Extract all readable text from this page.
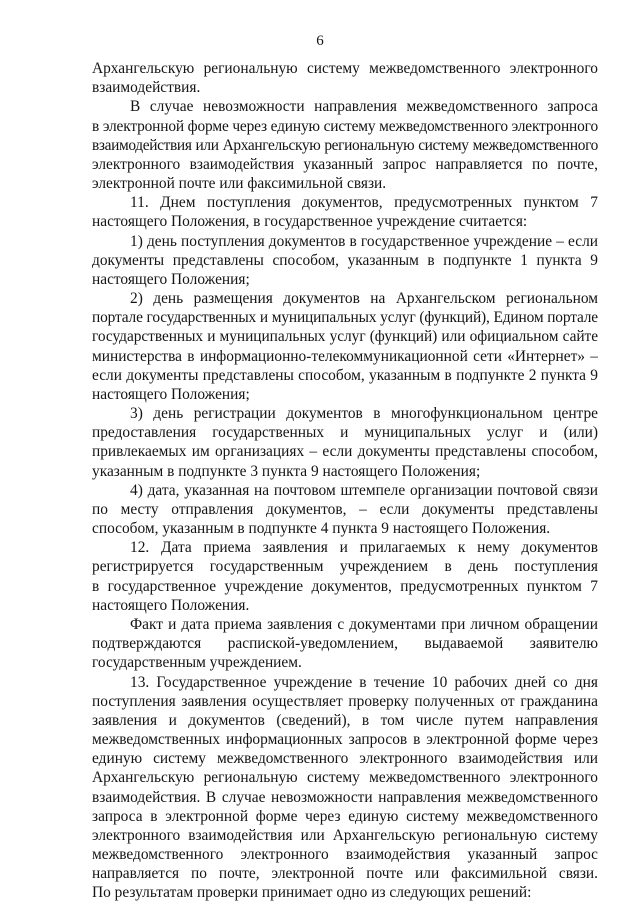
6
Архангельскую региональную систему межведомственного электронного
взаимодействия.
В случае невозможности направления межведомственного запроса
в электронной форме через единую систему межведомственного электронного
взаимодействия или Архангельскую региональную систему межведомственного
электронного взаимодействия указанный запрос направляется по почте,
электронной почте или факсимильной связи.
11. Днем поступления документов, предусмотренных пунктом 7
настоящего Положения, в государственное учреждение считается:
1) день поступления документов в государственное учреждение – если
документы представлены способом, указанным в подпункте 1 пункта 9
настоящего Положения;
2) день размещения документов на Архангельском региональном
портале государственных и муниципальных услуг (функций), Едином портале
государственных и муниципальных услуг (функций) или официальном сайте
министерства в информационно-телекоммуникационной сети «Интернет» –
если документы представлены способом, указанным в подпункте 2 пункта 9
настоящего Положения;
3) день регистрации документов в многофункциональном центре
предоставления государственных и муниципальных услуг и (или)
привлекаемых им организациях – если документы представлены способом,
указанным в подпункте 3 пункта 9 настоящего Положения;
4) дата, указанная на почтовом штемпеле организации почтовой связи
по месту отправления документов, – если документы представлены
способом, указанным в подпункте 4 пункта 9 настоящего Положения.
12. Дата приема заявления и прилагаемых к нему документов
регистрируется государственным учреждением в день поступления
в государственное учреждение документов, предусмотренных пунктом 7
настоящего Положения.
Факт и дата приема заявления с документами при личном обращении
подтверждаются распиской-уведомлением, выдаваемой заявителю
государственным учреждением.
13. Государственное учреждение в течение 10 рабочих дней со дня
поступления заявления осуществляет проверку полученных от гражданина
заявления и документов (сведений), в том числе путем направления
межведомственных информационных запросов в электронной форме через
единую систему межведомственного электронного взаимодействия или
Архангельскую региональную систему межведомственного электронного
взаимодействия. В случае невозможности направления межведомственного
запроса в электронной форме через единую систему межведомственного
электронного взаимодействия или Архангельскую региональную систему
межведомственного электронного взаимодействия указанный запрос
направляется по почте, электронной почте или факсимильной связи.
По результатам проверки принимает одно из следующих решений:
